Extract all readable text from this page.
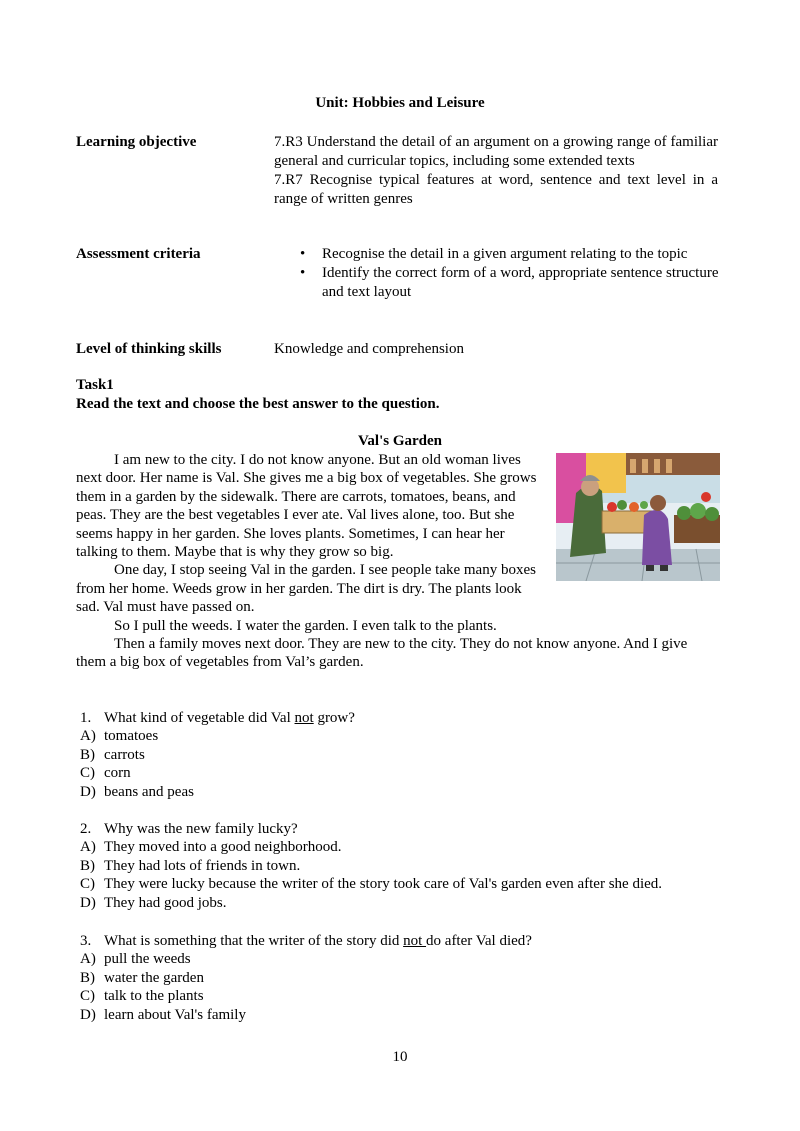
Unit: Hobbies and Leisure
Learning objective	7.R3 Understand the detail of an argument on a growing range of familiar general and curricular topics, including some extended texts

7.R7 Recognise typical features at word, sentence and text level in a range of written genres

Assessment criteria	• Recognise the detail in a given argument relating to the topic
• Identify the correct form of a word, appropriate sentence structure and text layout
Level of thinking skills	Knowledge and comprehension
Task1
Read the text and choose the best answer to the question.
Val's Garden

I am new to the city. I do not know anyone. But an old woman lives next door. Her name is Val. She gives me a big box of vegetables. She grows them in a garden by the sidewalk. There are carrots, tomatoes, beans, and peas. They are the best vegetables I ever ate. Val lives alone, too. But she seems happy in her garden. She loves plants. Sometimes, I can hear her talking to them. Maybe that is why they grow so big.

One day, I stop seeing Val in the garden. I see people take many boxes from her home. Weeds grow in her garden. The dirt is dry. The plants look sad. Val must have passed on.

So I pull the weeds. I water the garden. I even talk to the plants.

Then a family moves next door. They are new to the city. They do not know anyone. And I give them a big box of vegetables from Val’s garden.

1. What kind of vegetable did Val not grow?

A) tomatoes

B) carrots

C) corn

D) beans and peas

2. Why was the new family lucky?

A) They moved into a good neighborhood.

B) They had lots of friends in town.

C) They were lucky because the writer of the story took care of Val's garden even after she died.

D) They had good jobs.

3. What is something that the writer of the story did not do after Val died?

A) pull the weeds

B) water the garden

C) talk to the plants

D) learn about Val's family

10
